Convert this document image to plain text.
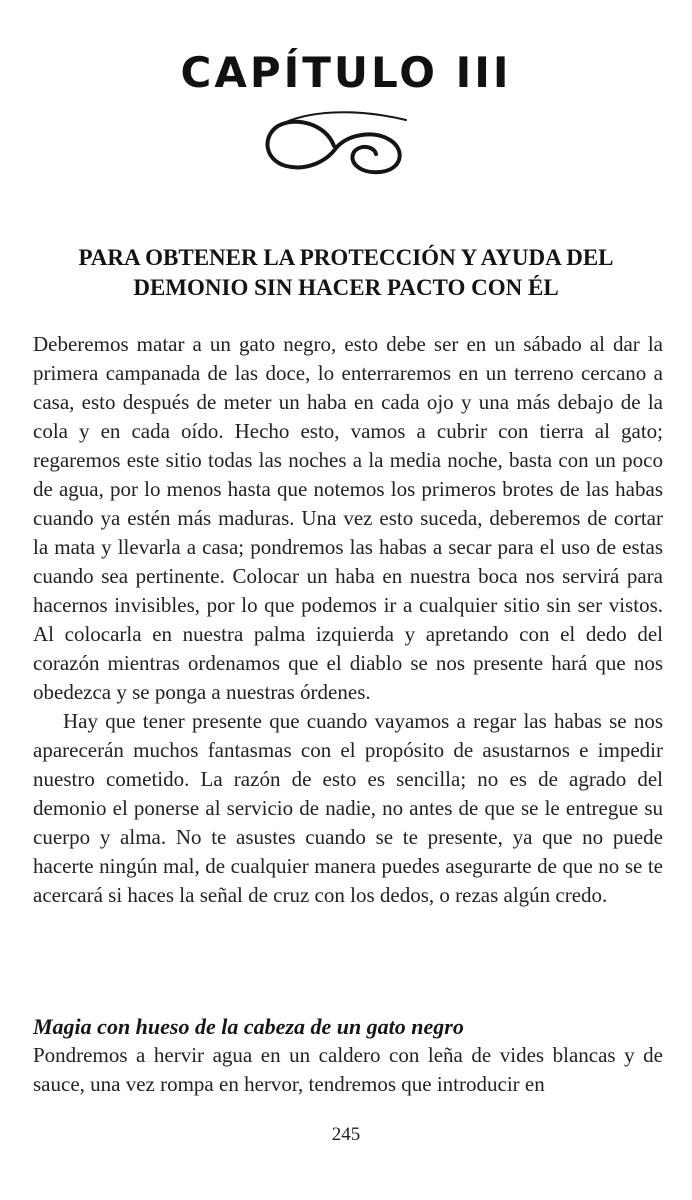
CAPÍTULO III
PARA OBTENER LA PROTECCIÓN Y AYUDA DEL DEMONIO SIN HACER PACTO CON ÉL

Deberemos matar a un gato negro, esto debe ser en un sábado al dar la primera campanada de las doce, lo enterraremos en un terreno cercano a casa, esto después de meter un haba en cada ojo y una más debajo de la cola y en cada oído. Hecho esto, vamos a cubrir con tierra al gato; regaremos este sitio todas las noches a la media noche, basta con un poco de agua, por lo menos hasta que notemos los primeros brotes de las habas cuando ya estén más maduras. Una vez esto suceda, deberemos de cortar la mata y llevarla a casa; pondremos las habas a secar para el uso de estas cuando sea pertinente. Colocar un haba en nuestra boca nos servirá para hacernos invisibles, por lo que podemos ir a cualquier sitio sin ser vistos. Al colocarla en nuestra palma izquierda y apretando con el dedo del corazón mientras ordenamos que el diablo se nos presente hará que nos obedezca y se ponga a nuestras órdenes.

Hay que tener presente que cuando vayamos a regar las habas se nos aparecerán muchos fantasmas con el propósito de asustarnos e impedir nuestro cometido. La razón de esto es sencilla; no es de agrado del demonio el ponerse al servicio de nadie, no antes de que se le entregue su cuerpo y alma. No te asustes cuando se te presente, ya que no puede hacerte ningún mal, de cualquier manera puedes asegurarte de que no se te acercará si haces la señal de cruz con los dedos, o rezas algún credo.

Magia con hueso de la cabeza de un gato negro

Pondremos a hervir agua en un caldero con leña de vides blancas y de sauce, una vez rompa en hervor, tendremos que introducir en

245
